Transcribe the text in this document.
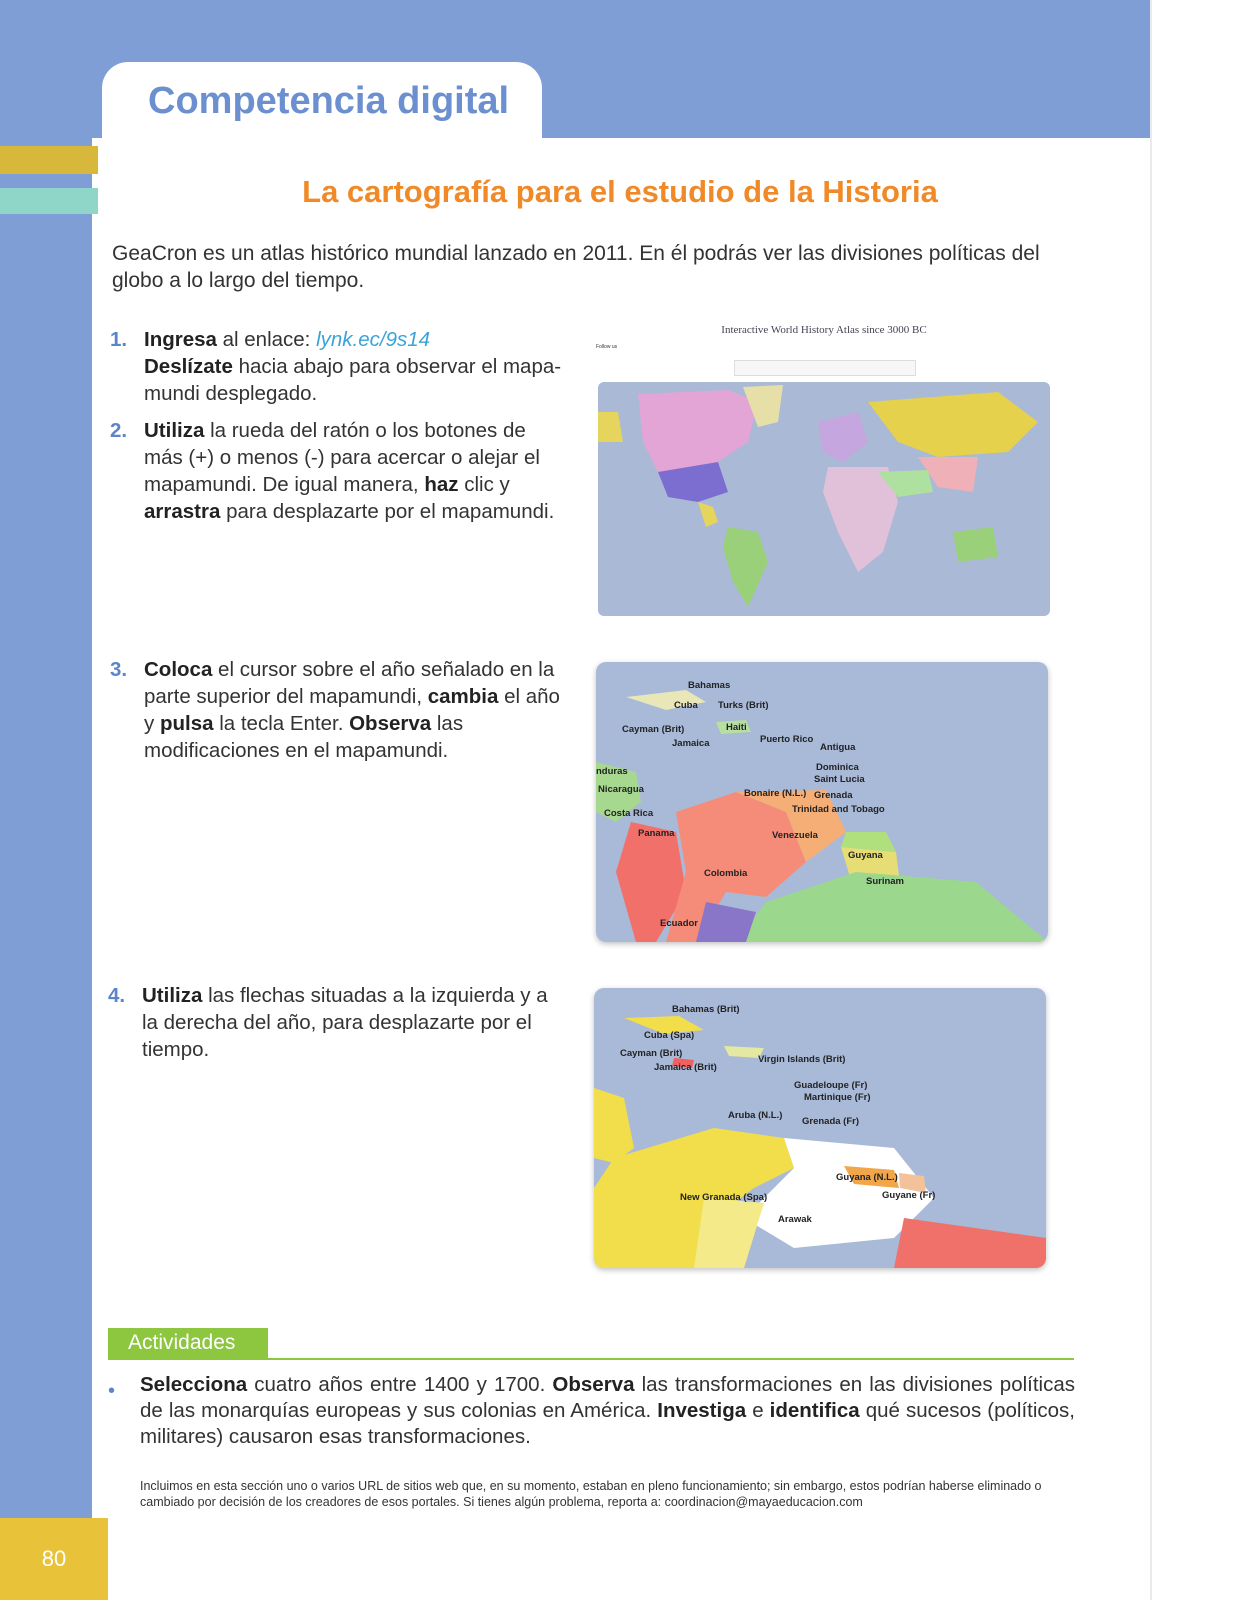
Competencia digital
80
La cartografía para el estudio de la Historia
GeaCron es un atlas histórico mundial lanzado en 2011. En él podrás ver las divisiones políticas del globo a lo largo del tiempo.
1. Ingresa al enlace: lynk.ec/9s14
Deslízate hacia abajo para observar el mapa-mundi desplegado.
2. Utiliza la rueda del ratón o los botones de más (+) o menos (-) para acercar o alejar el mapamundi. De igual manera, haz clic y arrastra para desplazarte por el mapamundi.
3. Coloca el cursor sobre el año señalado en la parte superior del mapamundi, cambia el año y pulsa la tecla Enter. Observa las modificaciones en el mapamundi.
4. Utiliza las flechas situadas a la izquierda y a la derecha del año, para desplazarte por el tiempo.
Interactive World History Atlas since 3000 BC
Follow us
Bahamas
Cuba Turks (Brit)
Cayman (Brit)	Haiti
Jamaica	Puerto Rico
Antigua
Dominica
Saint Lucia
nduras
Nicaragua	Bonaire (N.L.) Grenada
Costa Rica	Trinidad and Tobago
Panama	Venezuela
Guyana
Colombia
Surinam
Ecuador
Bahamas (Brit)
Cuba (Spa)
Cayman (Brit)
Jamaica (Brit)
Virgin Islands (Brit)
Guadeloupe (Fr)
Martinique (Fr)
Aruba (N.L.)
Grenada (Fr)
Guyana (N.L.)
Guyane (Fr)
New Granada (Spa)
Arawak
Actividades
• Selecciona cuatro años entre 1400 y 1700. Observa las transformaciones en las divisiones políticas de las monarquías europeas y sus colonias en América. Investiga e identifica qué sucesos (políticos, militares) causaron esas transformaciones.
Incluimos en esta sección uno o varios URL de sitios web que, en su momento, estaban en pleno funcionamiento; sin embargo, estos podrían haberse eliminado o cambiado por decisión de los creadores de esos portales. Si tienes algún problema, reporta a: coordinacion@mayaeducacion.com
